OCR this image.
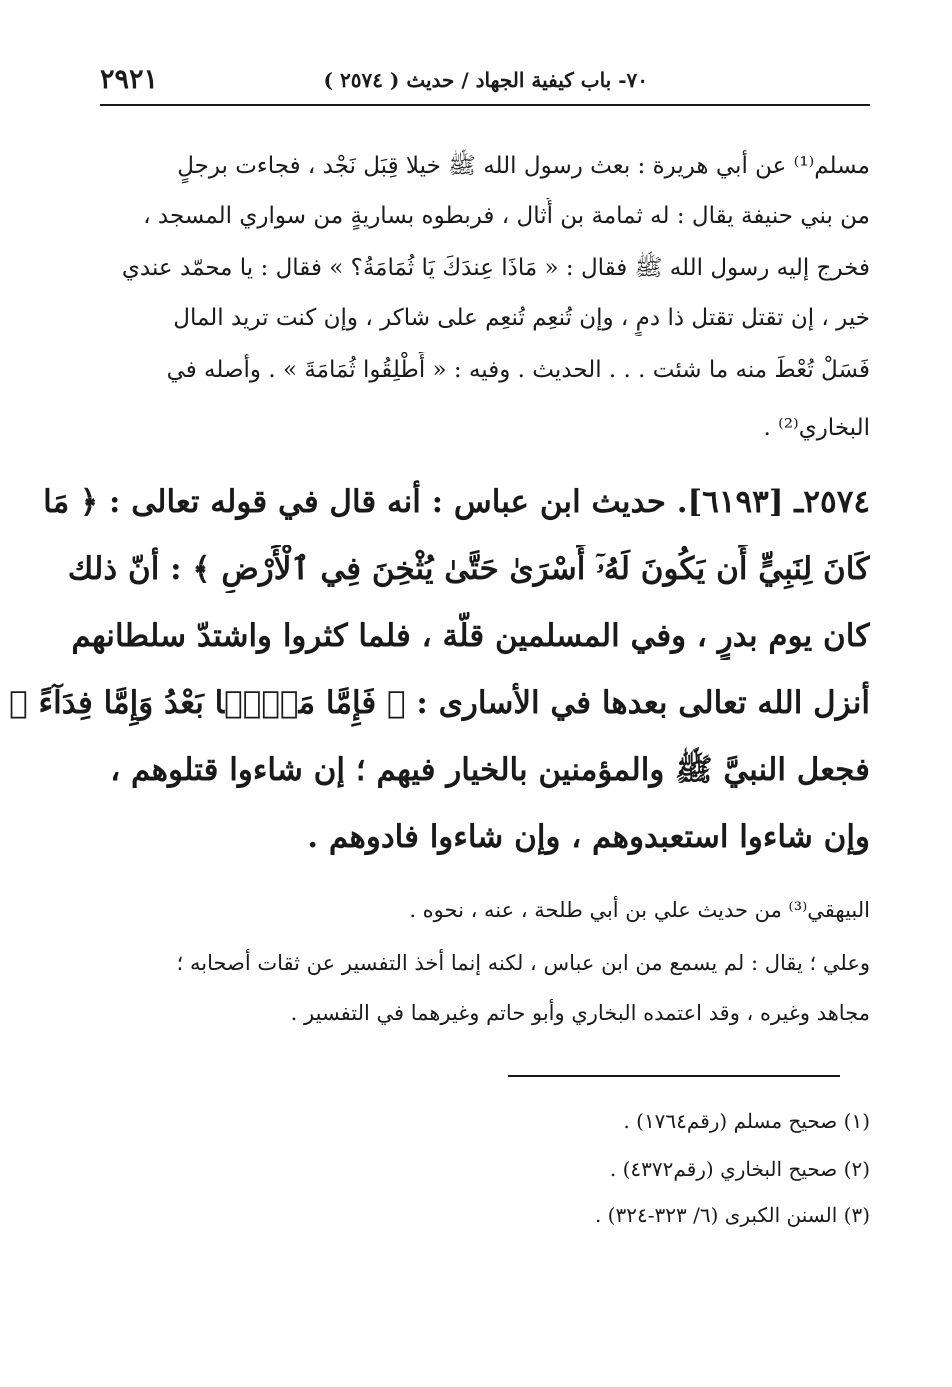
٧٠- باب كيفية الجهاد / حديث ( ٢٥٧٤ )
٢٩٢١
مسلم⁽¹⁾ عن أبي هريرة : بعث رسول الله ﷺ خيلا قِبَل نَجْد ، فجاءت برجلٍ
من بني حنيفة يقال : له ثمامة بن أُثال ، فربطوه بساريةٍ من سواري المسجد ،
فخرج إليه رسول الله ﷺ فقال : « مَاذَا عِندَكَ يَا ثُمَامَةُ؟ » فقال : يا محمّد عندي
خير ، إن تقتل تقتل ذا دمٍ ، وإن تُنعِم تُنعِم على شاكر ، وإن كنت تريد المال
فَسَلْ تُعْطَ منه ما شئت . . . الحديث . وفيه : « أَطْلِقُوا ثُمَامَةَ » . وأصله في
البخاري⁽²⁾ .
٢٥٧٤ـ [٦١٩٣]. حديث ابن عباس : أنه قال في قوله تعالى : ﴿ مَا
كَانَ لِنَبِيٍّ أَن يَكُونَ لَهُۥٓ أَسْرَىٰ حَتَّىٰ يُثْخِنَ فِي ٱلْأَرْضِ ﴾ : أنّ ذلك
كان يوم بدرٍ ، وفي المسلمين قلّة ، فلما كثروا واشتدّ سلطانهم
أنزل الله تعالى بعدها في الأسارى : ﴿ فَإِمَّا مَنًّۢا بَعْدُ وَإِمَّا فِدَآءً ﴾
فجعل النبيَّ ﷺ والمؤمنين بالخيار فيهم ؛ إن شاءوا قتلوهم ،
وإن شاءوا استعبدوهم ، وإن شاءوا فادوهم .
البيهقي⁽³⁾ من حديث علي بن أبي طلحة ، عنه ، نحوه .
وعلي ؛ يقال : لم يسمع من ابن عباس ، لكنه إنما أخذ التفسير عن ثقات أصحابه ؛
مجاهد وغيره ، وقد اعتمده البخاري وأبو حاتم وغيرهما في التفسير .
(١) صحيح مسلم (رقم١٧٦٤) .
(٢) صحيح البخاري (رقم٤٣٧٢) .
(٣) السنن الكبرى (٦/ ٣٢٣-٣٢٤) .
